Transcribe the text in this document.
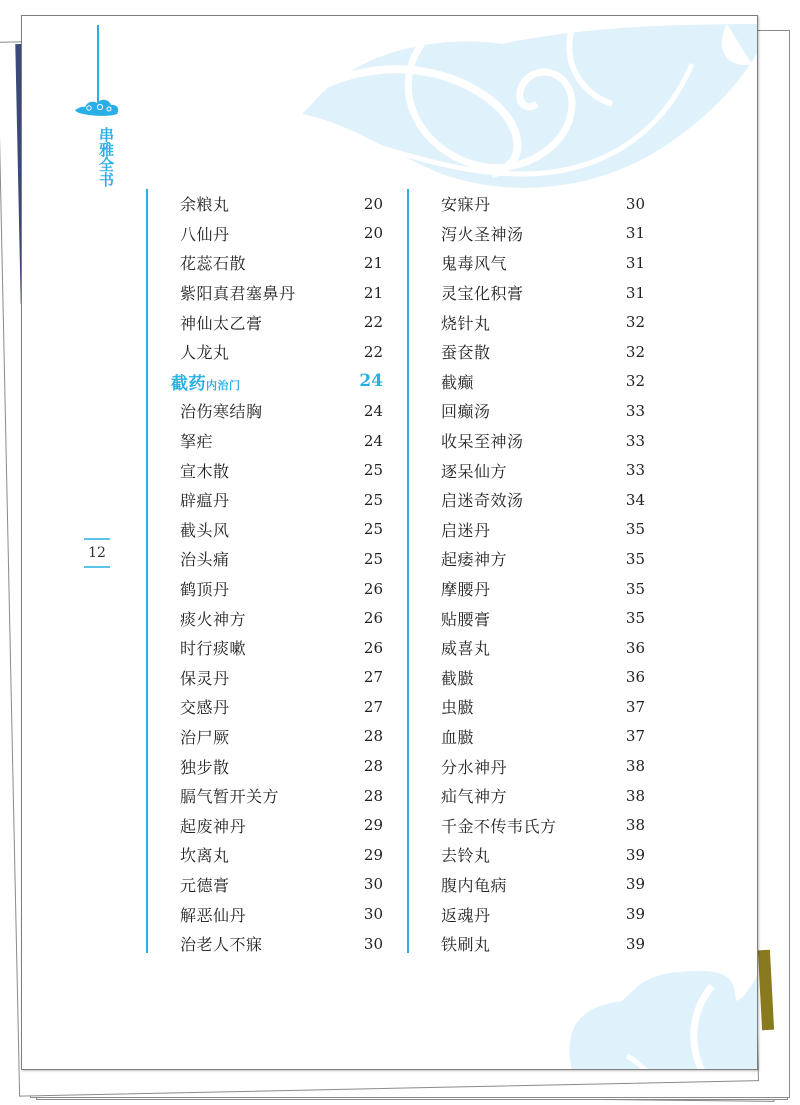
串雅全书
12
余粮丸	20
八仙丹	20
花蕊石散	21
紫阳真君塞鼻丹	21
神仙太乙膏	22
人龙丸	22
截药内治门	24
治伤寒结胸	24
拏疟	24
宣木散	25
辟瘟丹	25
截头风	25
治头痛	25
鹤顶丹	26
痰火神方	26
时行痰嗽	26
保灵丹	27
交感丹	27
治尸厥	28
独步散	28
膈气暂开关方	28
起废神丹	29
坎离丸	29
元德膏	30
解恶仙丹	30
治老人不寐	30
安寐丹	30
泻火圣神汤	31
鬼毒风气	31
灵宝化积膏	31
烧针丸	32
蚕奁散	32
截癫	32
回癫汤	33
收呆至神汤	33
逐呆仙方	33
启迷奇效汤	34
启迷丹	35
起痿神方	35
摩腰丹	35
贴腰膏	35
威喜丸	36
截臌	36
虫臌	37
血臌	37
分水神丹	38
疝气神方	38
千金不传韦氏方	38
去铃丸	39
腹内龟病	39
返魂丹	39
铁刷丸	39
